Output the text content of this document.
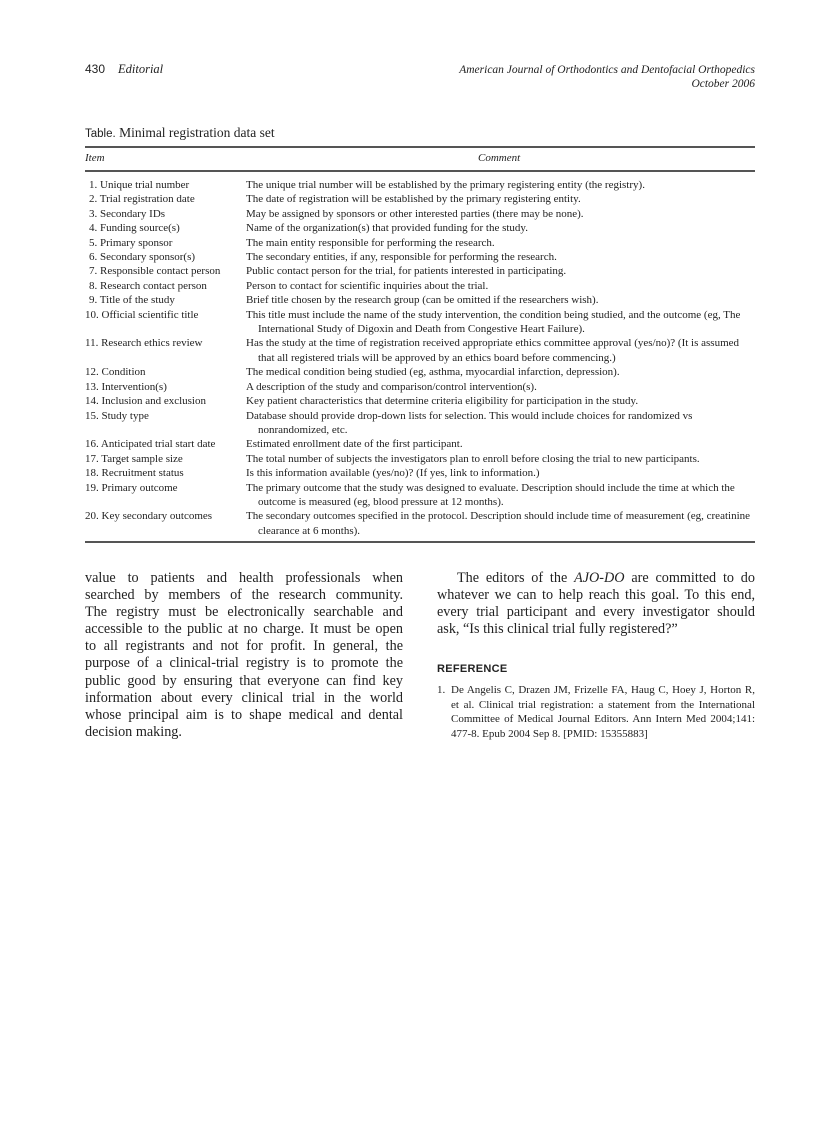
430 Editorial	American Journal of Orthodontics and Dentofacial Orthopedics
October 2006
Table. Minimal registration data set
Item	Comment
1. Unique trial number	The unique trial number will be established by the primary registering entity (the registry).
2. Trial registration date	The date of registration will be established by the primary registering entity.
3. Secondary IDs	May be assigned by sponsors or other interested parties (there may be none).
4. Funding source(s)	Name of the organization(s) that provided funding for the study.
5. Primary sponsor	The main entity responsible for performing the research.
6. Secondary sponsor(s)	The secondary entities, if any, responsible for performing the research.
7. Responsible contact person	Public contact person for the trial, for patients interested in participating.
8. Research contact person	Person to contact for scientific inquiries about the trial.
9. Title of the study	Brief title chosen by the research group (can be omitted if the researchers wish).
10. Official scientific title	This title must include the name of the study intervention, the condition being studied, and the outcome (eg, The International Study of Digoxin and Death from Congestive Heart Failure).
11. Research ethics review	Has the study at the time of registration received appropriate ethics committee approval (yes/no)? (It is assumed that all registered trials will be approved by an ethics board before commencing.)
12. Condition	The medical condition being studied (eg, asthma, myocardial infarction, depression).
13. Intervention(s)	A description of the study and comparison/control intervention(s).
14. Inclusion and exclusion	Key patient characteristics that determine criteria eligibility for participation in the study.
15. Study type	Database should provide drop-down lists for selection. This would include choices for randomized vs nonrandomized, etc.
16. Anticipated trial start date	Estimated enrollment date of the first participant.
17. Target sample size	The total number of subjects the investigators plan to enroll before closing the trial to new participants.
18. Recruitment status	Is this information available (yes/no)? (If yes, link to information.)
19. Primary outcome	The primary outcome that the study was designed to evaluate. Description should include the time at which the outcome is measured (eg, blood pressure at 12 months).
20. Key secondary outcomes	The secondary outcomes specified in the protocol. Description should include time of measurement (eg, creatinine clearance at 6 months).
value to patients and health professionals when
searched by members of the research community.
The registry must be electronically searchable and
accessible to the public at no charge. It must be open
to all registrants and not for profit. In general, the
purpose of a clinical-trial registry is to promote the
public good by ensuring that everyone can find key
information about every clinical trial in the world
whose principal aim is to shape medical and dental
decision making.
The editors of the AJO-DO are committed to do
whatever we can to help reach this goal. To this end,
every trial participant and every investigator should
ask, “Is this clinical trial fully registered?”
REFERENCE
1. De Angelis C, Drazen JM, Frizelle FA, Haug C, Hoey J, Horton R,
et al. Clinical trial registration: a statement from the International
Committee of Medical Journal Editors. Ann Intern Med 2004;141:
477-8. Epub 2004 Sep 8. [PMID: 15355883]
